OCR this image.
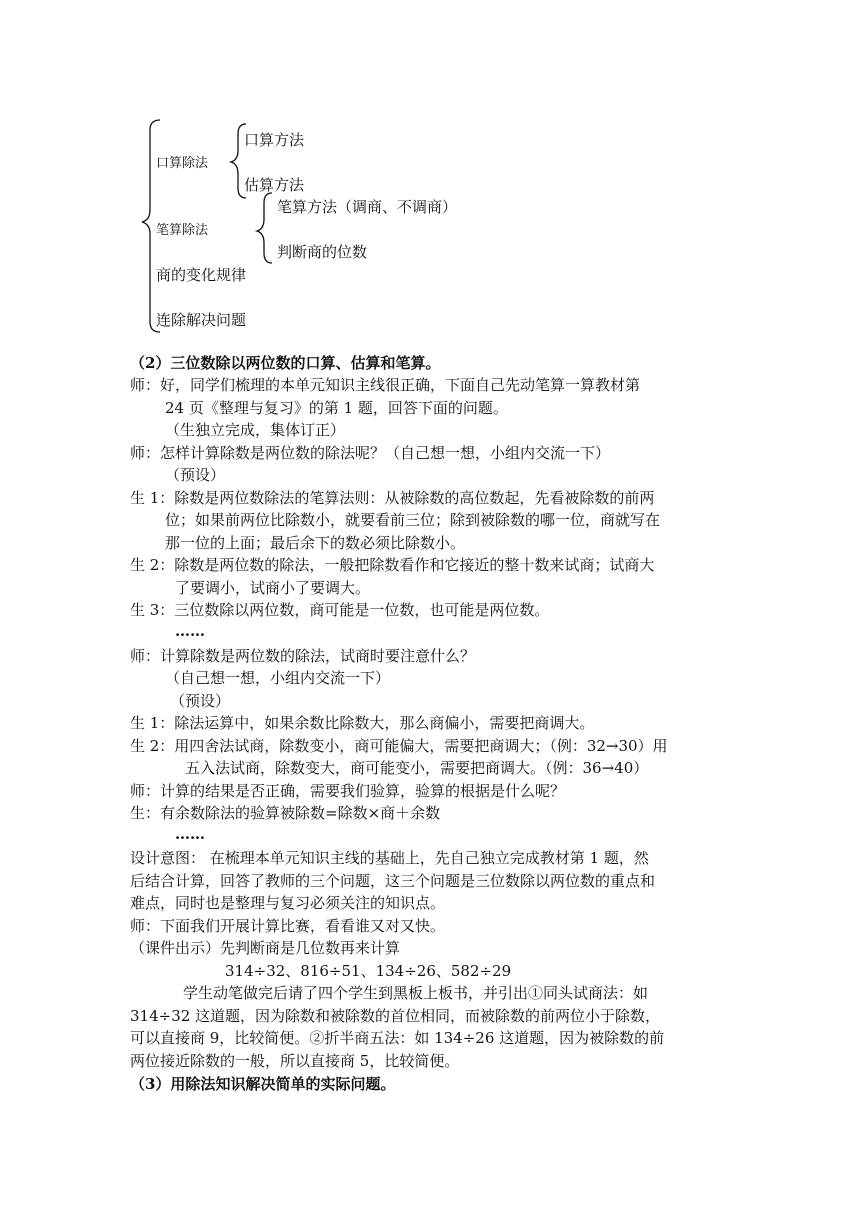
口算除法
口算方法
估算方法
笔算除法
笔算方法（调商、不调商）
判断商的位数
商的变化规律
连除解决问题
（2）三位数除以两位数的口算、估算和笔算。
师：好，同学们梳理的本单元知识主线很正确，下面自己先动笔算一算教材第
24 页《整理与复习》的第 1 题，回答下面的问题。
（生独立完成，集体订正）
师：怎样计算除数是两位数的除法呢？（自己想一想，小组内交流一下）
（预设）
生 1：除数是两位数除法的笔算法则：从被除数的高位数起，先看被除数的前两
位；如果前两位比除数小，就要看前三位；除到被除数的哪一位，商就写在
那一位的上面；最后余下的数必须比除数小。
生 2：除数是两位数的除法，一般把除数看作和它接近的整十数来试商；试商大
了要调小，试商小了要调大。
生 3：三位数除以两位数，商可能是一位数，也可能是两位数。
……
师：计算除数是两位数的除法，试商时要注意什么？
（自己想一想，小组内交流一下）
（预设）
生 1：除法运算中，如果余数比除数大，那么商偏小，需要把商调大。
生 2：用四舍法试商，除数变小，商可能偏大，需要把商调大；（例：32→30）用
五入法试商，除数变大，商可能变小，需要把商调大。（例：36→40）
师：计算的结果是否正确，需要我们验算，验算的根据是什么呢？
生：有余数除法的验算被除数=除数×商＋余数
……
设计意图： 在梳理本单元知识主线的基础上，先自己独立完成教材第 1 题，然
后结合计算，回答了教师的三个问题，这三个问题是三位数除以两位数的重点和
难点，同时也是整理与复习必须关注的知识点。
师：下面我们开展计算比赛，看看谁又对又快。
（课件出示）先判断商是几位数再来计算
314÷32、816÷51、134÷26、582÷29
学生动笔做完后请了四个学生到黑板上板书，并引出①同头试商法：如
314÷32 这道题，因为除数和被除数的首位相同，而被除数的前两位小于除数，
可以直接商 9，比较简便。②折半商五法：如 134÷26 这道题，因为被除数的前
两位接近除数的一般，所以直接商 5，比较简便。
（3）用除法知识解决简单的实际问题。
